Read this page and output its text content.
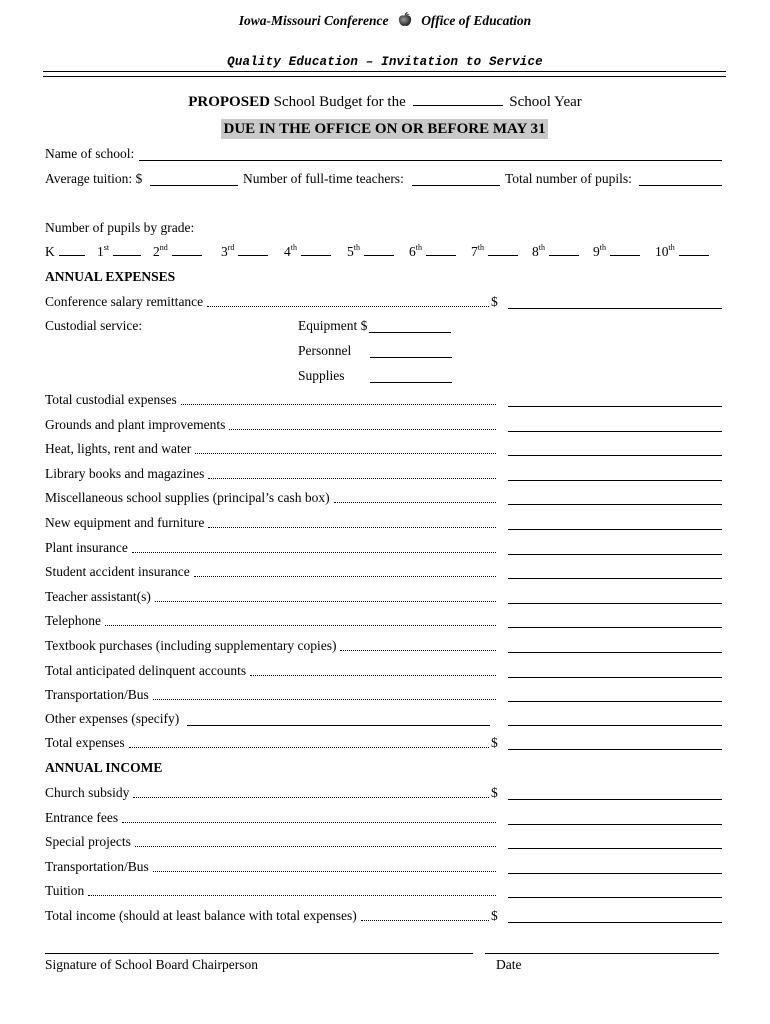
Iowa-Missouri Conference Office of Education
Quality Education – Invitation to Service
PROPOSED School Budget for the	School Year
DUE IN THE OFFICE ON OR BEFORE MAY 31
Name of school:
Average tuition: $	Number of full-time teachers:	Total number of pupils:
Number of pupils by grade:
K	1st	2nd	3rd	4th	5th	6th	7th	8th	9th	10th
ANNUAL EXPENSES
Conference salary remittance	$
Custodial service:	Equipment $
Personnel
Supplies
Total custodial expenses
Grounds and plant improvements
Heat, lights, rent and water
Library books and magazines
Miscellaneous school supplies (principal’s cash box)
New equipment and furniture
Plant insurance
Student accident insurance
Teacher assistant(s)
Telephone
Textbook purchases (including supplementary copies)
Total anticipated delinquent accounts
Transportation/Bus
Other expenses (specify)
Total expenses	$
ANNUAL INCOME
Church subsidy	$
Entrance fees
Special projects
Transportation/Bus
Tuition
Total income (should at least balance with total expenses)	$
Signature of School Board Chairperson	Date
